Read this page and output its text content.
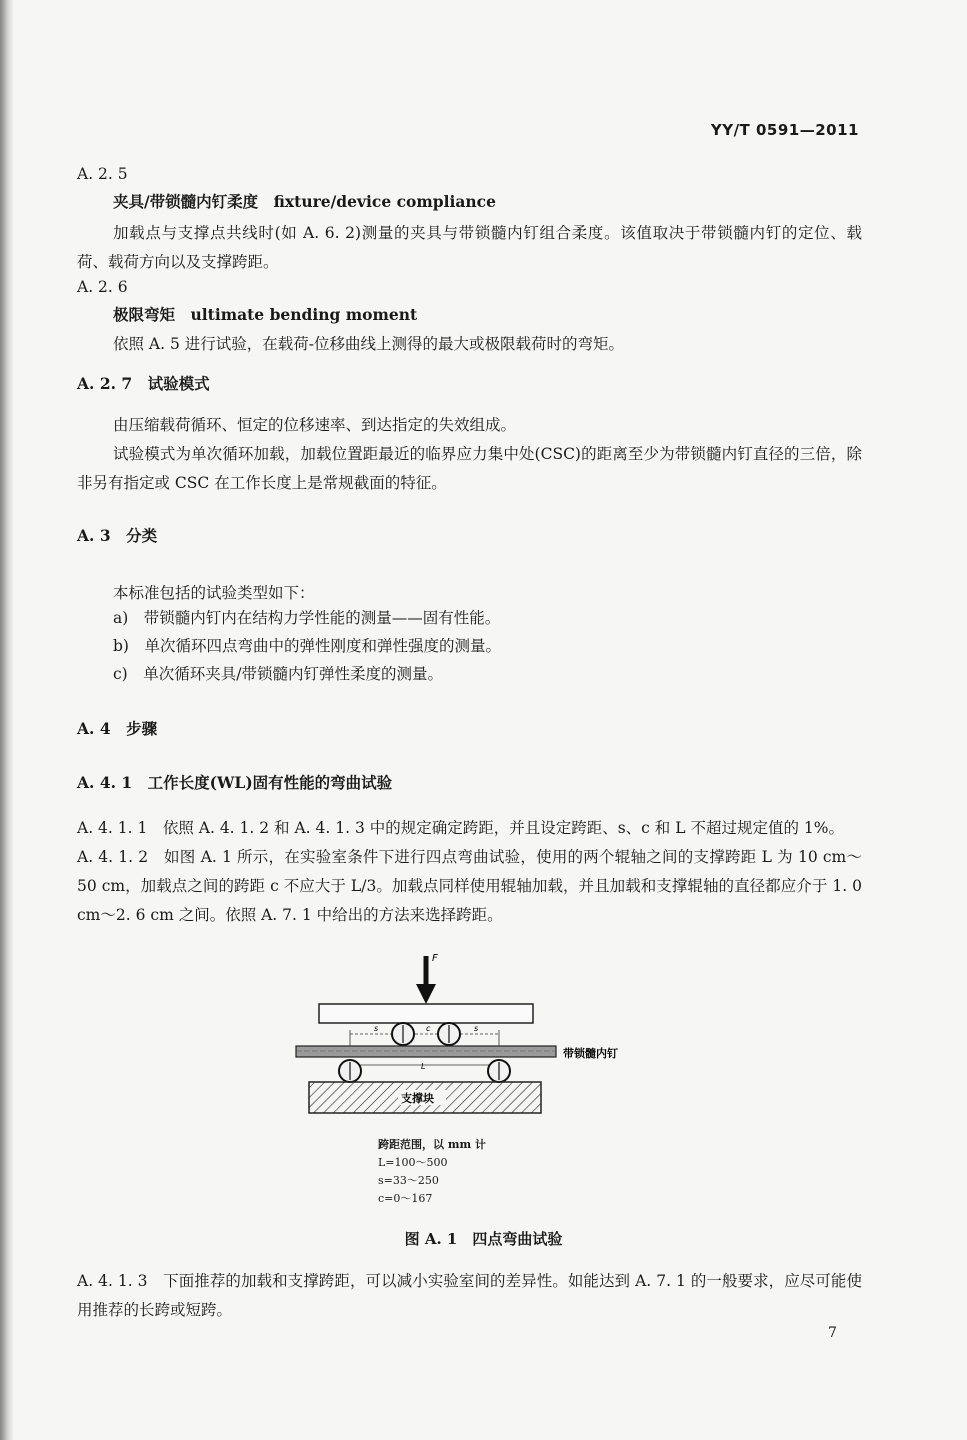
YY/T 0591—2011
A. 2. 5
夹具/带锁髓内钉柔度　fixture/device compliance
加载点与支撑点共线时(如 A. 6. 2)测量的夹具与带锁髓内钉组合柔度。该值取决于带锁髓内钉的定位、载荷、载荷方向以及支撑跨距。
A. 2. 6
极限弯矩　ultimate bending moment
依照 A. 5 进行试验，在载荷-位移曲线上测得的最大或极限载荷时的弯矩。
A. 2. 7　试验模式
由压缩载荷循环、恒定的位移速率、到达指定的失效组成。
试验模式为单次循环加载，加载位置距最近的临界应力集中处(CSC)的距离至少为带锁髓内钉直径的三倍，除非另有指定或 CSC 在工作长度上是常规截面的特征。
A. 3　分类
本标准包括的试验类型如下：
a)　带锁髓内钉内在结构力学性能的测量——固有性能。
b)　单次循环四点弯曲中的弹性刚度和弹性强度的测量。
c)　单次循环夹具/带锁髓内钉弹性柔度的测量。
A. 4　步骤
A. 4. 1　工作长度(WL)固有性能的弯曲试验
A. 4. 1. 1　依照 A. 4. 1. 2 和 A. 4. 1. 3 中的规定确定跨距，并且设定跨距、s、c 和 L 不超过规定值的 1%。
A. 4. 1. 2　如图 A. 1 所示，在实验室条件下进行四点弯曲试验，使用的两个辊轴之间的支撑跨距 L 为 10 cm～50 cm，加载点之间的跨距 c 不应大于 L/3。加载点同样使用辊轴加载，并且加载和支撑辊轴的直径都应介于 1. 0 cm～2. 6 cm 之间。依照 A. 7. 1 中给出的方法来选择跨距。
F
s	c	s
带锁髓内钉
L
支撑块
跨距范围，以 mm 计
L=100～500
s=33～250
c=0～167
图 A. 1　四点弯曲试验
A. 4. 1. 3　下面推荐的加载和支撑跨距，可以减小实验室间的差异性。如能达到 A. 7. 1 的一般要求，应尽可能使用推荐的长跨或短跨。
7
